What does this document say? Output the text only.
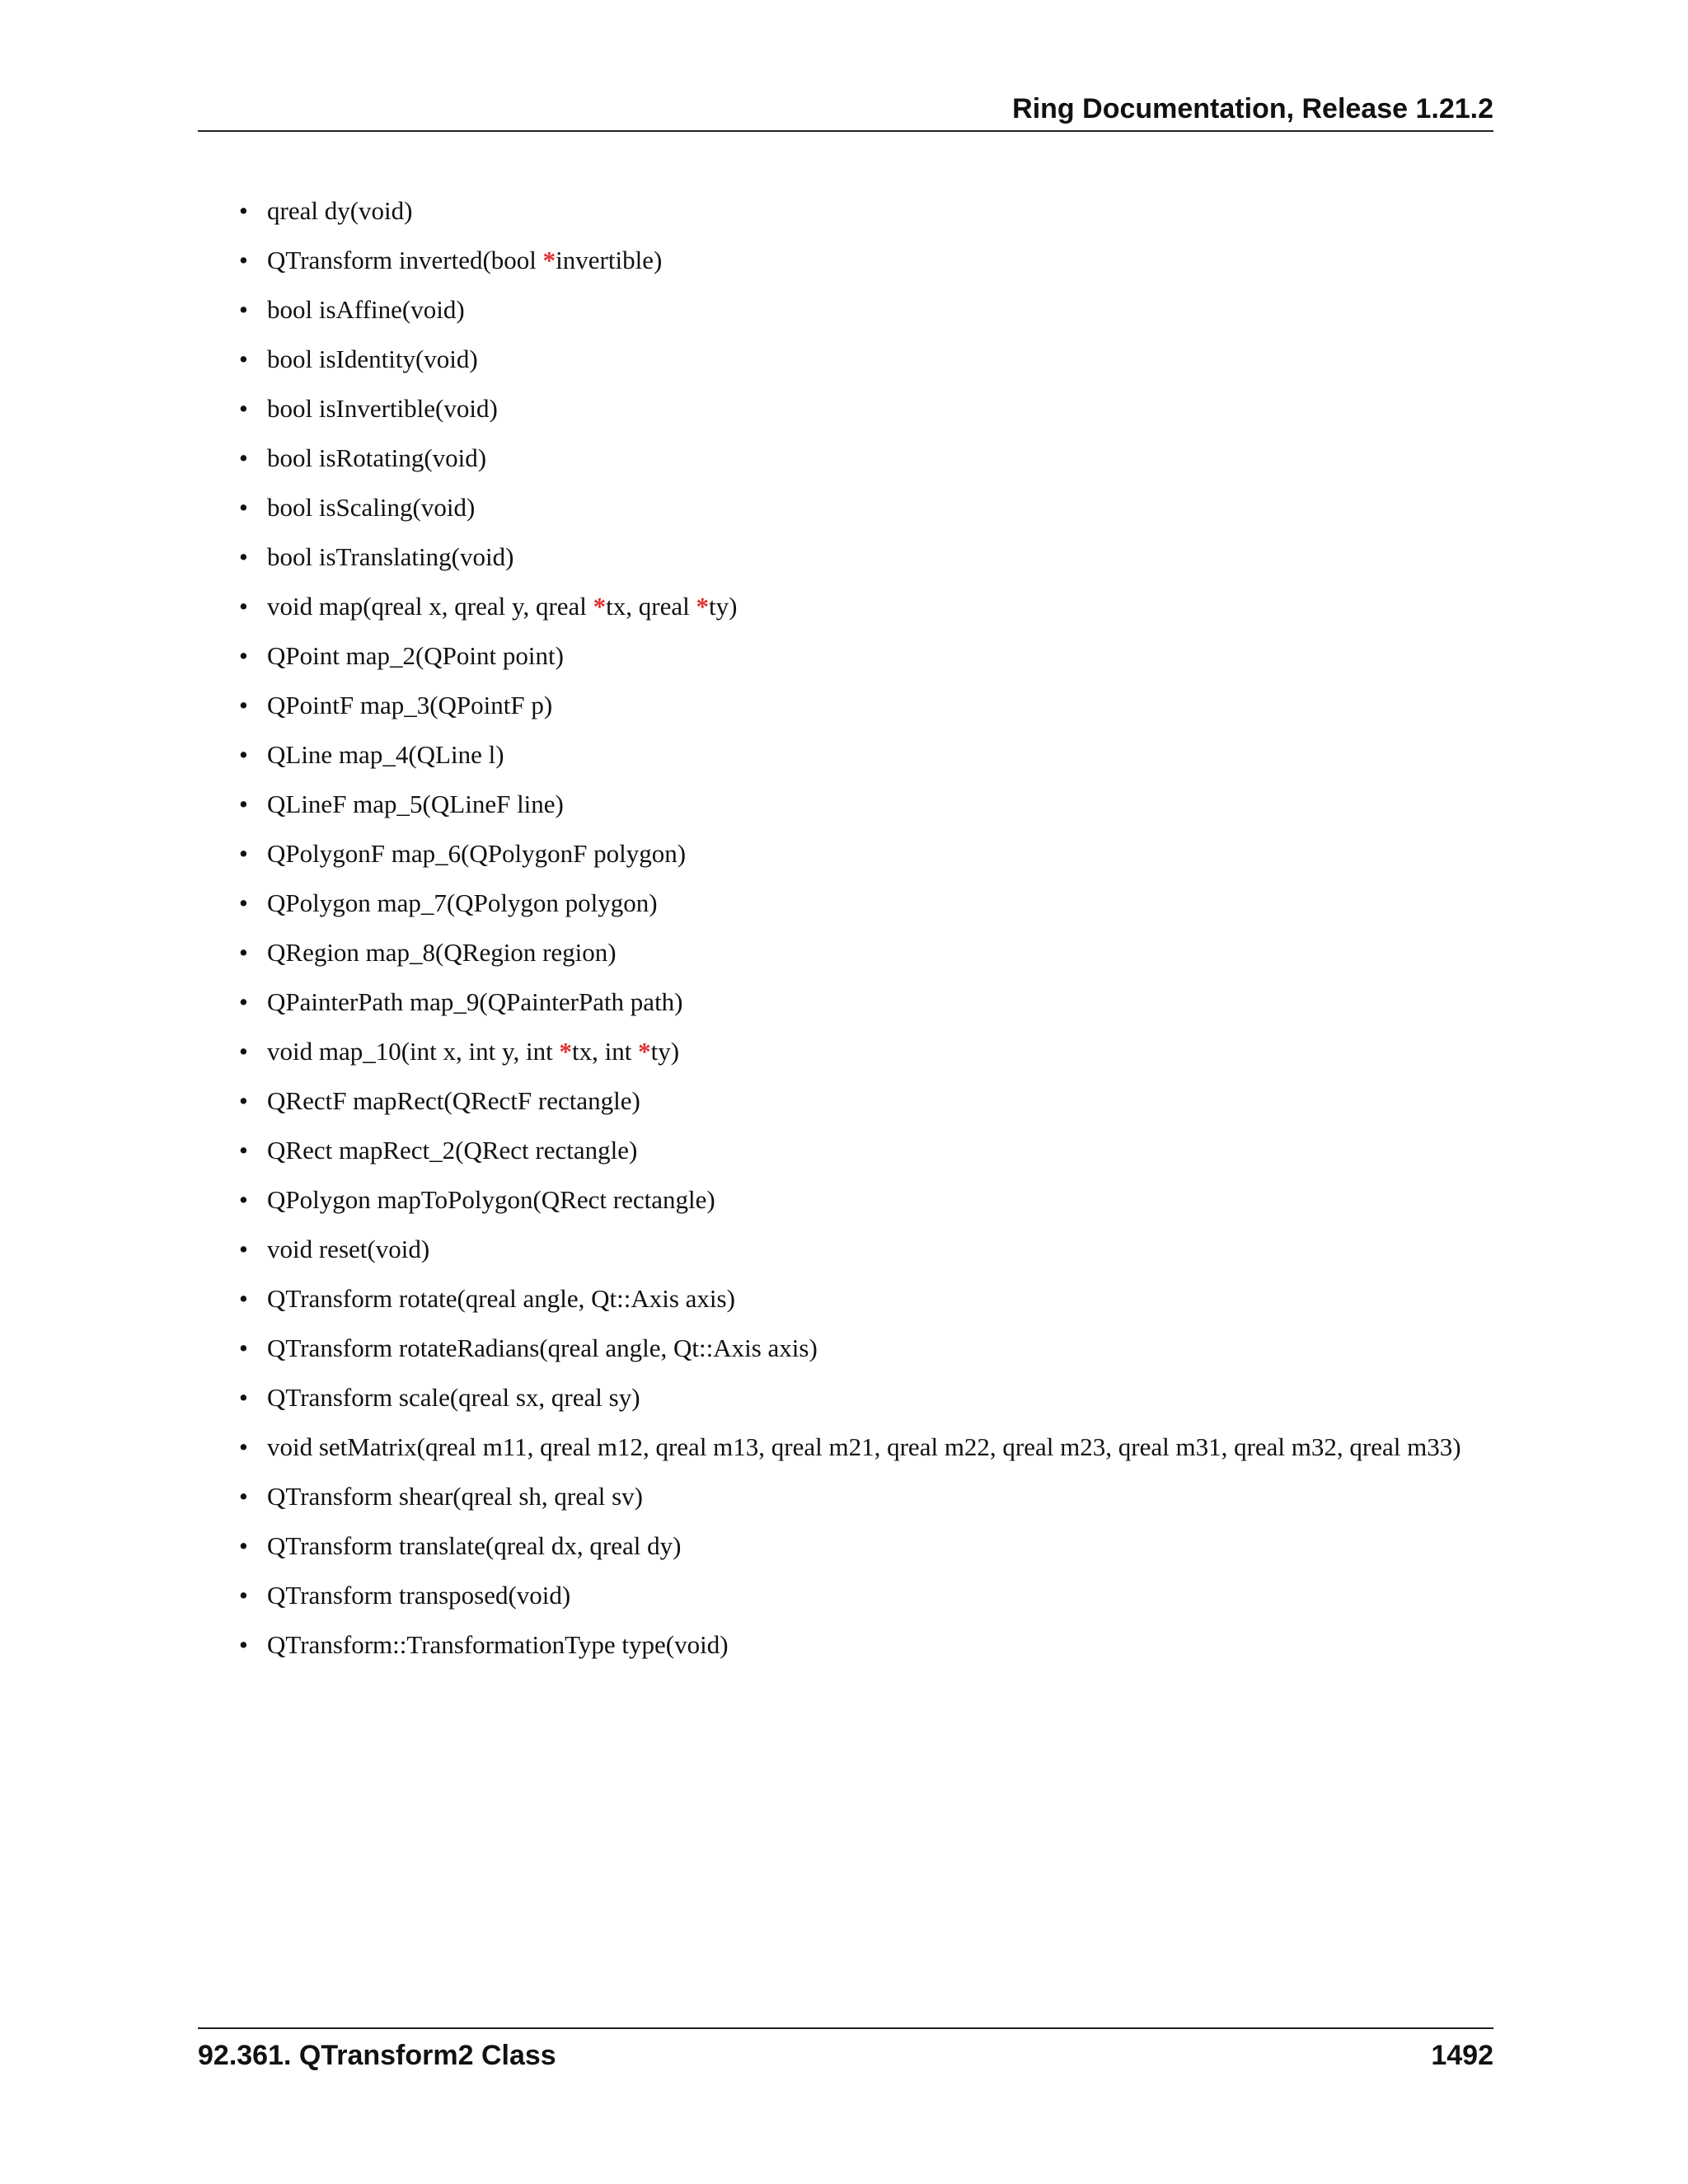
Ring Documentation, Release 1.21.2
• qreal dy(void)
• QTransform inverted(bool *invertible)
• bool isAffine(void)
• bool isIdentity(void)
• bool isInvertible(void)
• bool isRotating(void)
• bool isScaling(void)
• bool isTranslating(void)
• void map(qreal x, qreal y, qreal *tx, qreal *ty)
• QPoint map_2(QPoint point)
• QPointF map_3(QPointF p)
• QLine map_4(QLine l)
• QLineF map_5(QLineF line)
• QPolygonF map_6(QPolygonF polygon)
• QPolygon map_7(QPolygon polygon)
• QRegion map_8(QRegion region)
• QPainterPath map_9(QPainterPath path)
• void map_10(int x, int y, int *tx, int *ty)
• QRectF mapRect(QRectF rectangle)
• QRect mapRect_2(QRect rectangle)
• QPolygon mapToPolygon(QRect rectangle)
• void reset(void)
• QTransform rotate(qreal angle, Qt::Axis axis)
• QTransform rotateRadians(qreal angle, Qt::Axis axis)
• QTransform scale(qreal sx, qreal sy)
• void setMatrix(qreal m11, qreal m12, qreal m13, qreal m21, qreal m22, qreal m23, qreal m31, qreal m32, qreal m33)
• QTransform shear(qreal sh, qreal sv)
• QTransform translate(qreal dx, qreal dy)
• QTransform transposed(void)
• QTransform::TransformationType type(void)
92.361. QTransform2 Class	1492
